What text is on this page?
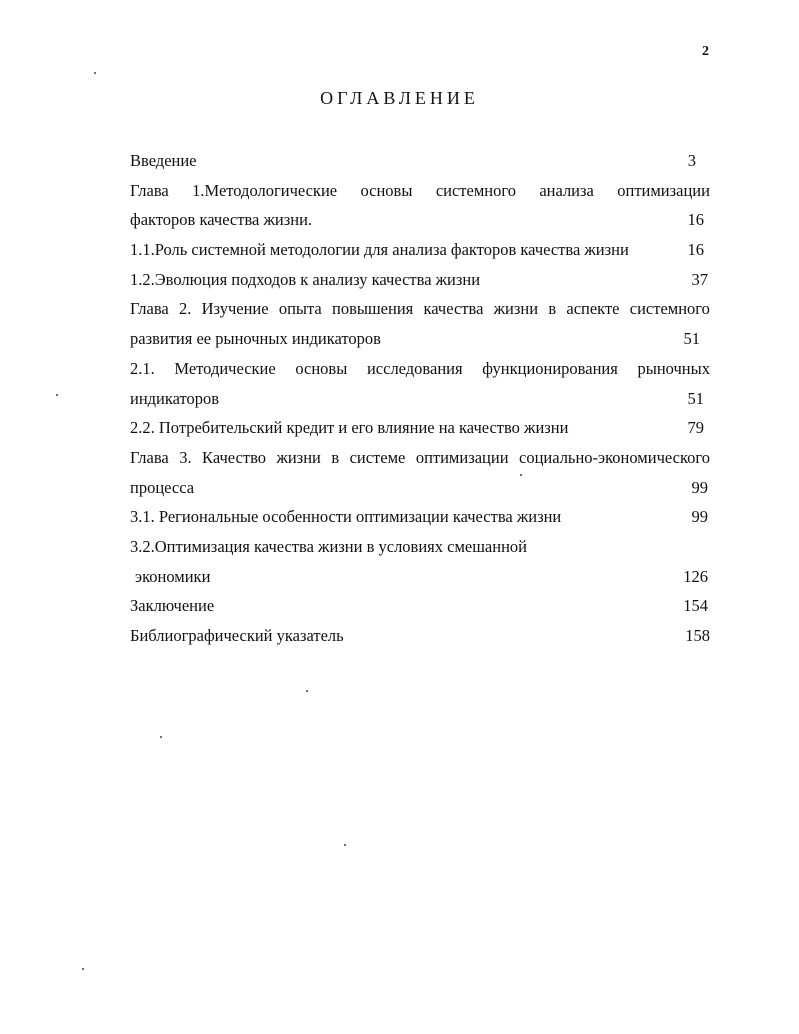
2
ОГЛАВЛЕНИЕ
Введение	3
Глава 1.Методологические основы системного анализа оптимизации
факторов качества жизни.	16
1.1.Роль системной методологии для анализа факторов качества жизни	16
1.2.Эволюция подходов к анализу качества жизни	37
Глава 2. Изучение опыта повышения качества жизни в аспекте системного
развития ее рыночных индикаторов	51
2.1. Методические основы исследования функционирования рыночных
индикаторов	51
2.2. Потребительский кредит и его влияние на качество жизни	79
Глава 3. Качество жизни в системе оптимизации социально-экономического
процесса	99
3.1. Региональные особенности оптимизации качества жизни	99
3.2.Оптимизация качества жизни в условиях смешанной
экономики	126
Заключение	154
Библиографический указатель	158
